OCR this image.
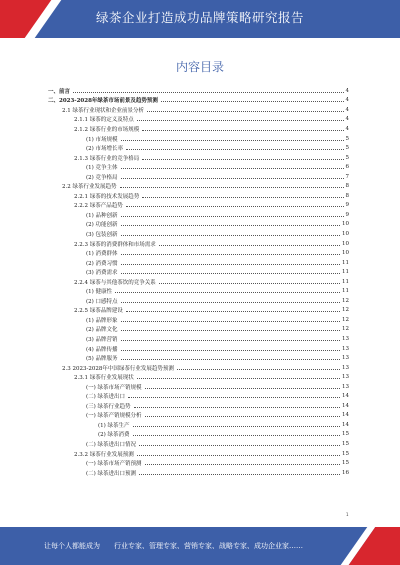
绿茶企业打造成功品牌策略研究报告
内容目录
一、前言	4
二、2023-2028年绿茶市场前景及趋势预测	4
2.1 绿茶行业现状和企业前景分析	4
2.1.1 绿茶的定义及特点	4
2.1.2 绿茶行业的市场规模	4
(1) 市场规模	5
(2) 市场增长率	5
2.1.3 绿茶行业的竞争格局	5
(1) 竞争主体	6
(2) 竞争格局	7
2.2 绿茶行业发展趋势	8
2.2.1 绿茶的技术发展趋势	8
2.2.2 绿茶产品趋势	9
(1) 品种创新	9
(2) 功能创新	10
(3) 包装创新	10
2.2.3 绿茶的消费群体和市场需求	10
(1) 消费群体	10
(2) 消费习惯	11
(3) 消费需求	11
2.2.4 绿茶与其他茶饮的竞争关系	11
(1) 健康性	11
(2) 口感特点	12
2.2.5 绿茶品牌建设	12
(1) 品牌形象	12
(2) 品牌文化	12
(3) 品牌营销	13
(4) 品牌传播	13
(5) 品牌服务	13
2.3 2023-2028年中国绿茶行业发展趋势预测	13
2.3.1 绿茶行业发展现状	13
(一) 绿茶市场产销规模	13
(二) 绿茶进出口	14
(三) 绿茶行业趋势	14
(一) 绿茶产销规模分析	14
(1) 绿茶生产	14
(2) 绿茶消费	15
(二) 绿茶进出口情况	15
2.3.2 绿茶行业发展预测	15
(一) 绿茶市场产销预测	15
(二) 绿茶进出口预测	16
1
让每个人都能成为 行业专家、管理专家、营销专家、战略专家、成功企业家……
